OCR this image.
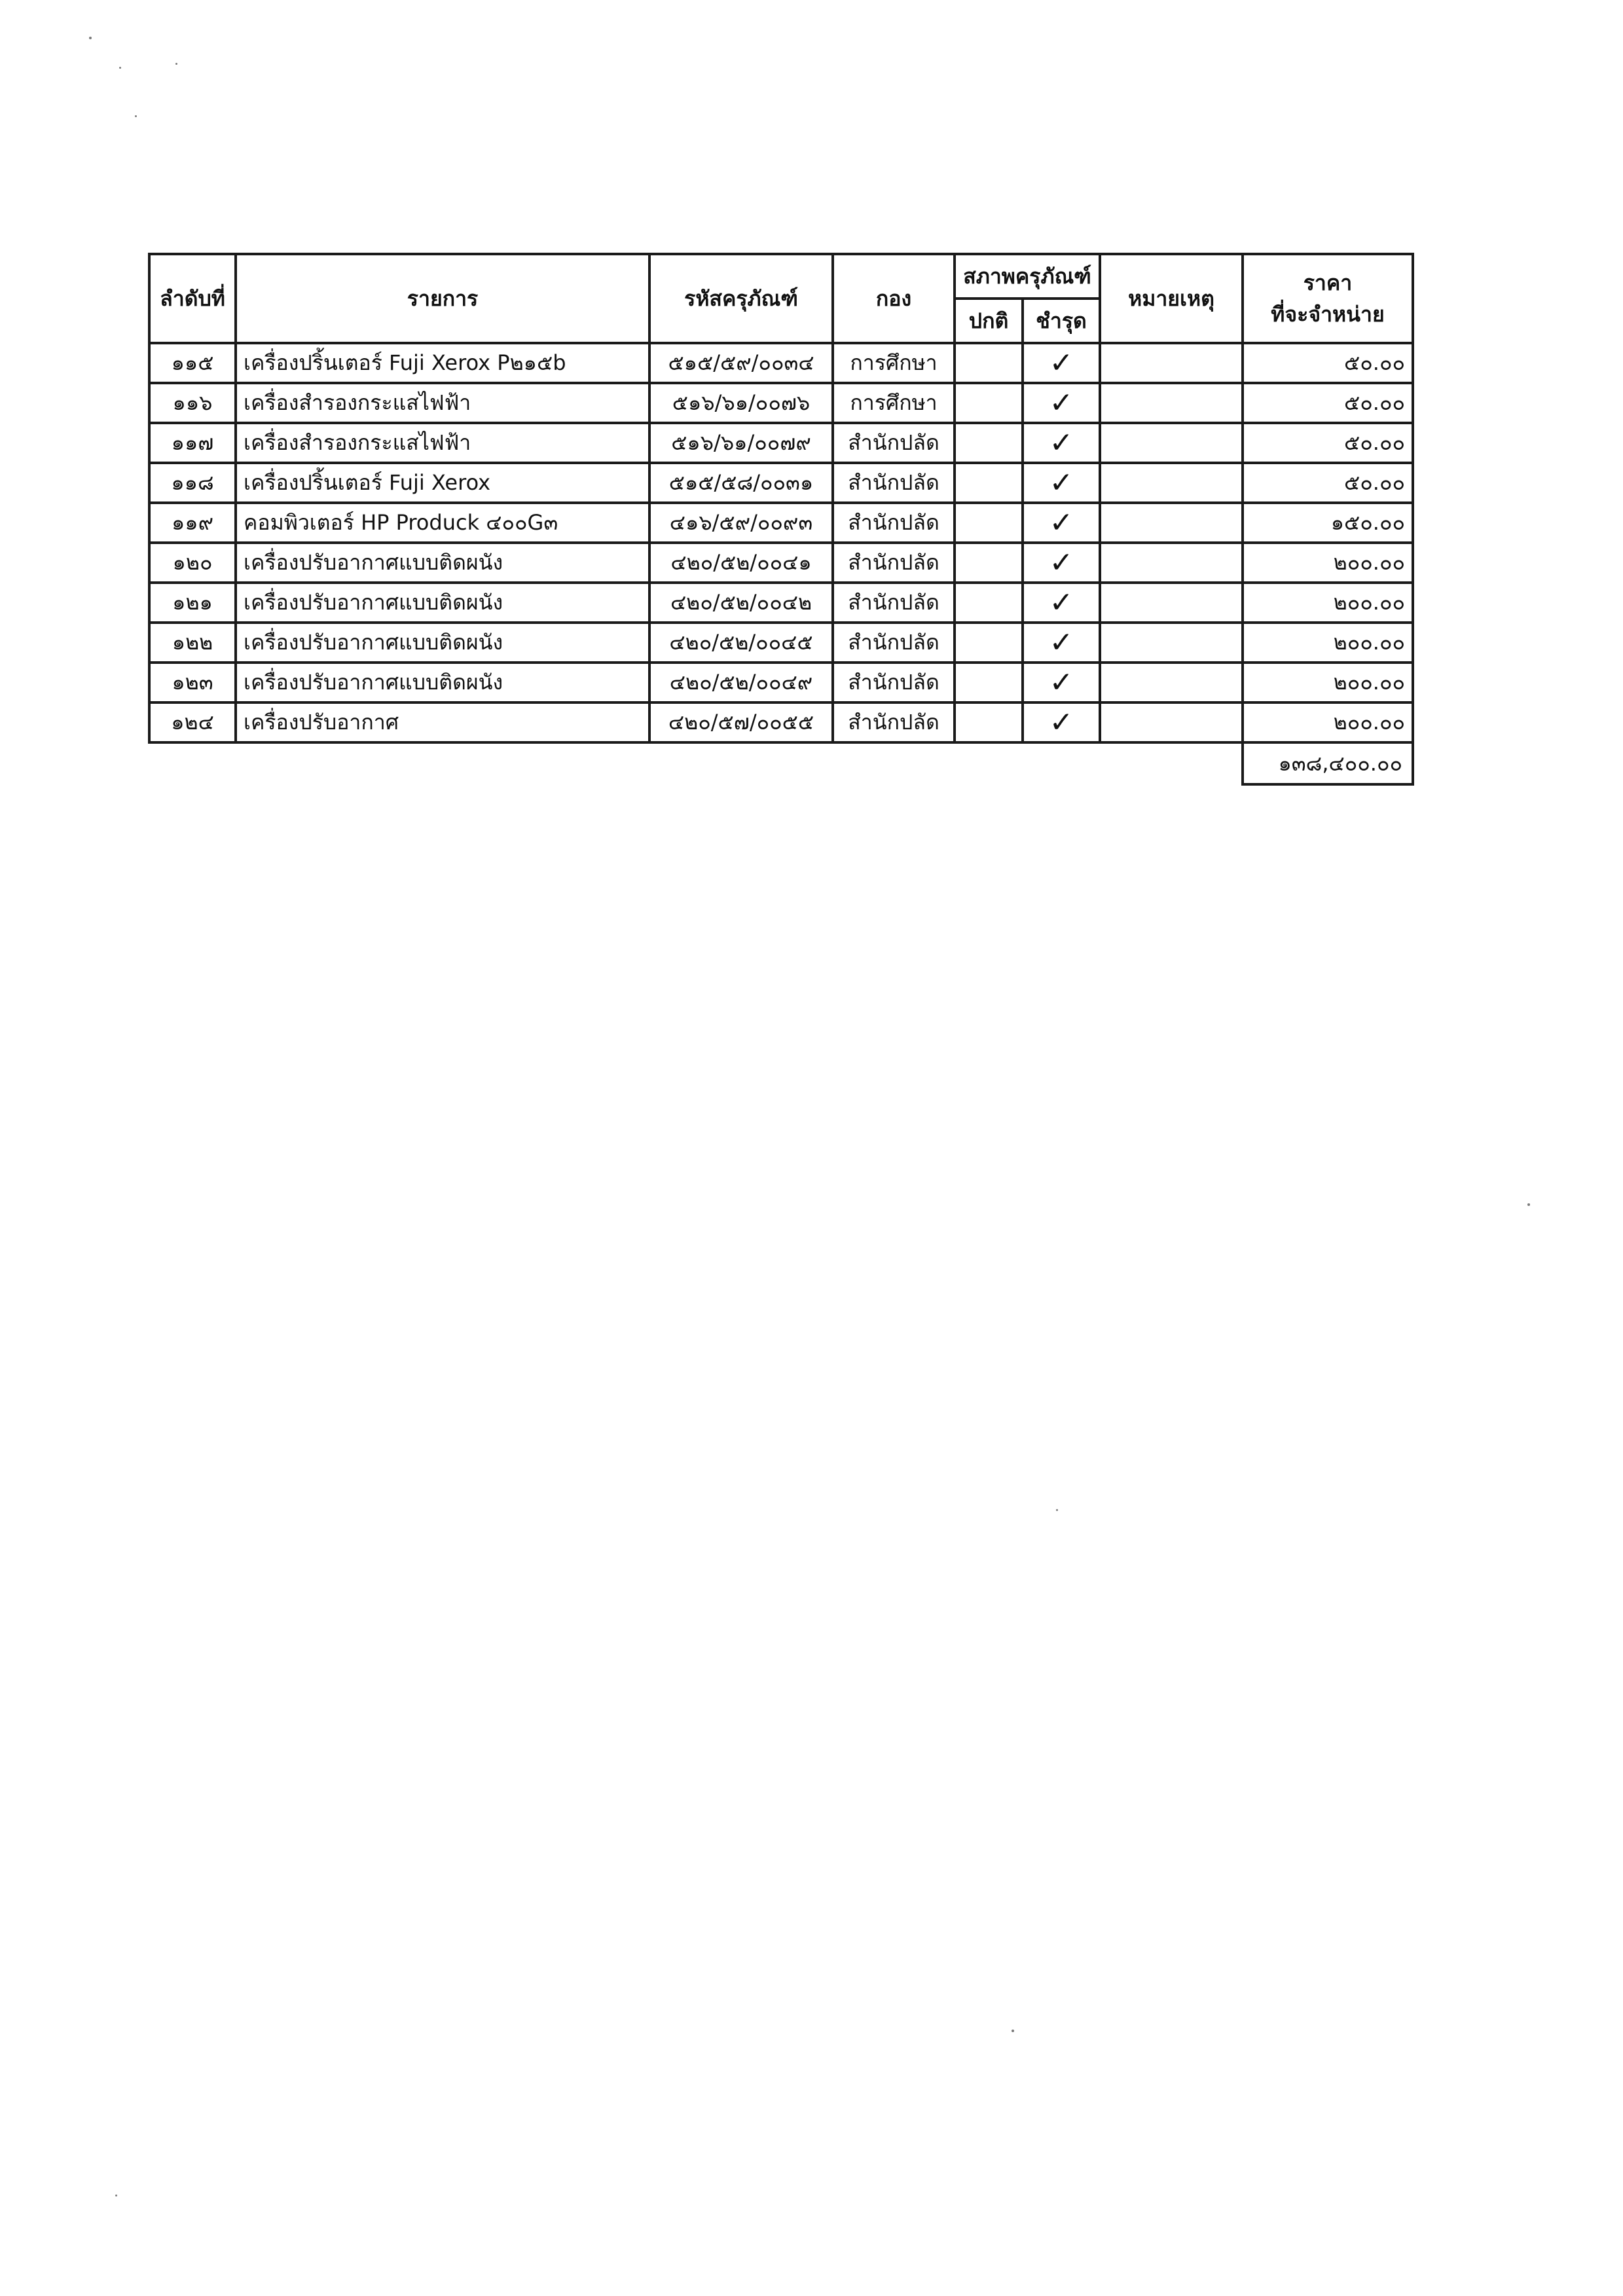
ลำดับที่	รายการ	รหัสครุภัณฑ์	กอง	สภาพครุภัณฑ์		หมายเหตุ	ราคา
ที่จะจำหน่าย

				ปกติ	ชำรุด		
๑๑๕	เครื่องปริ้นเตอร์ Fuji Xerox P๒๑๕b	๕๑๕/๕๙/๐๐๓๔	การศึกษา		✓		๕๐.๐๐
๑๑๖	เครื่องสำรองกระแสไฟฟ้า	๕๑๖/๖๑/๐๐๗๖	การศึกษา		✓		๕๐.๐๐
๑๑๗	เครื่องสำรองกระแสไฟฟ้า	๕๑๖/๖๑/๐๐๗๙	สำนักปลัด		✓		๕๐.๐๐
๑๑๘	เครื่องปริ้นเตอร์ Fuji Xerox	๕๑๕/๕๘/๐๐๓๑	สำนักปลัด		✓		๕๐.๐๐
๑๑๙	คอมพิวเตอร์ HP Produck ๔๐๐G๓	๔๑๖/๕๙/๐๐๙๓	สำนักปลัด		✓		๑๕๐.๐๐
๑๒๐	เครื่องปรับอากาศแบบติดผนัง	๔๒๐/๕๒/๐๐๔๑	สำนักปลัด		✓		๒๐๐.๐๐
๑๒๑	เครื่องปรับอากาศแบบติดผนัง	๔๒๐/๕๒/๐๐๔๒	สำนักปลัด		✓		๒๐๐.๐๐
๑๒๒	เครื่องปรับอากาศแบบติดผนัง	๔๒๐/๕๒/๐๐๔๕	สำนักปลัด		✓		๒๐๐.๐๐
๑๒๓	เครื่องปรับอากาศแบบติดผนัง	๔๒๐/๕๒/๐๐๔๙	สำนักปลัด		✓		๒๐๐.๐๐
๑๒๔	เครื่องปรับอากาศ	๔๒๐/๕๗/๐๐๕๕	สำนักปลัด		✓		๒๐๐.๐๐
							๑๓๘,๔๐๐.๐๐
